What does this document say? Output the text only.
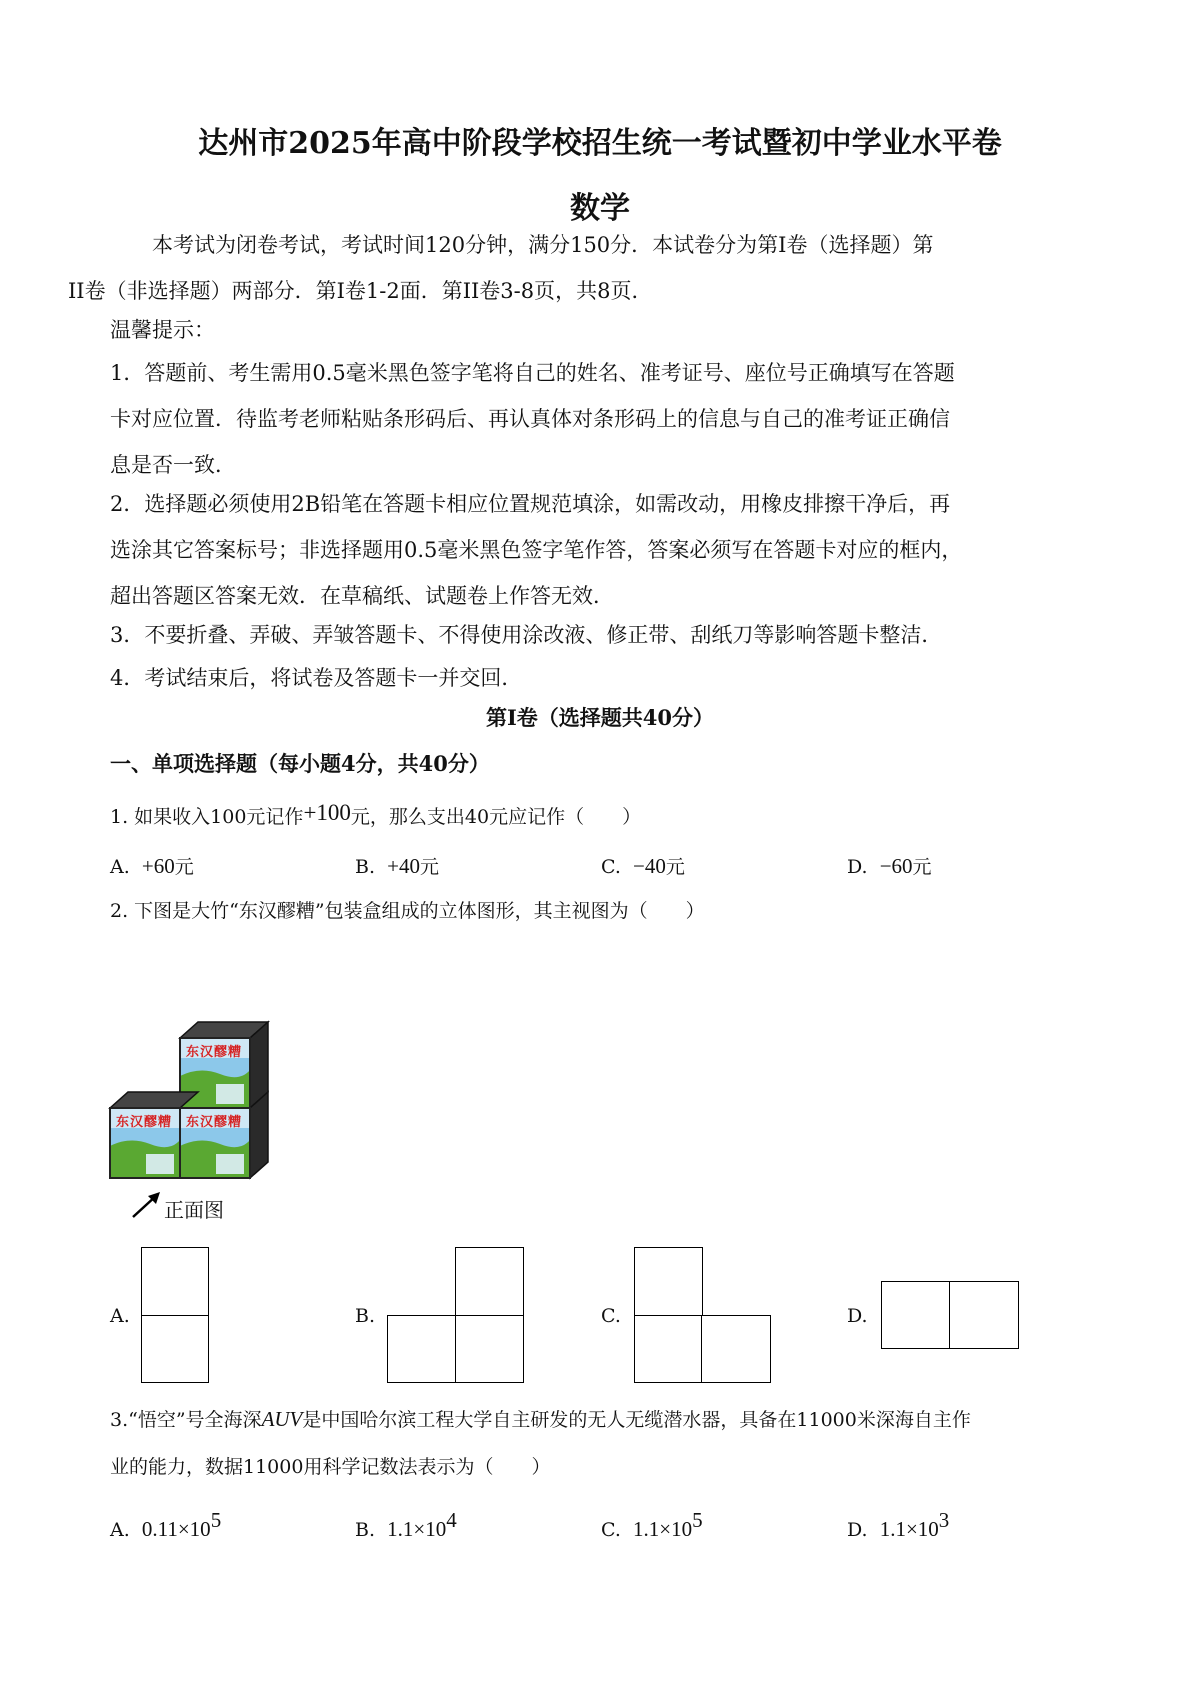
达州市2025年高中阶段学校招生统一考试暨初中学业水平卷
数学
本考试为闭卷考试，考试时间120分钟，满分150分．本试卷分为第I卷（选择题）第
II卷（非选择题）两部分．第I卷1-2面．第II卷3-8页，共8页．
温馨提示：
1．答题前、考生需用0.5毫米黑色签字笔将自己的姓名、准考证号、座位号正确填写在答题
卡对应位置．待监考老师粘贴条形码后、再认真体对条形码上的信息与自己的准考证正确信
息是否一致．
2．选择题必须使用2B铅笔在答题卡相应位置规范填涂，如需改动，用橡皮排擦干净后，再
选涂其它答案标号；非选择题用0.5毫米黑色签字笔作答，答案必须写在答题卡对应的框内，
超出答题区答案无效．在草稿纸、试题卷上作答无效．
3．不要折叠、弄破、弄皱答题卡、不得使用涂改液、修正带、刮纸刀等影响答题卡整洁．
4．考试结束后，将试卷及答题卡一并交回．
第I卷（选择题共40分）
一、单项选择题（每小题4分，共40分）
1. 如果收入100元记作+100元，那么支出40元应记作（　　）
A. +60元	B. +40元	C. −40元	D. −60元
2. 下图是大竹“东汉醪糟”包装盒组成的立体图形，其主视图为（　　）
东汉醪糟
东汉醪糟 东汉醪糟
正面图
A.	B.	C.	D.
3.“悟空”号全海深AUV是中国哈尔滨工程大学自主研发的无人无缆潜水器，具备在11000米深海自主作
业的能力，数据11000用科学记数法表示为（　　）
A. $0.11\times 10^5$	B. $1.1\times 10^4$	C. $1.1\times 10^5$	D. $1.1\times 10^3$
